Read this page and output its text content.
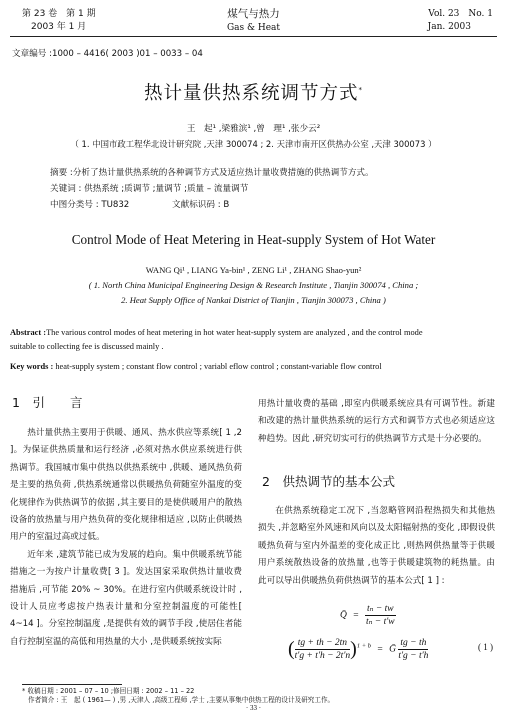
第 23 卷　第 1 期
2003 年 1 月
煤气与热力
Gas & Heat
Vol. 23　No. 1
Jan. 2003
文章编号 :1000 – 4416( 2003 )01 – 0033 – 04
热计量供热系统调节方式*
王　起¹ ,梁雅滨¹ ,曾　理¹ ,张少云²
（ 1. 中国市政工程华北设计研究院 ,天津 300074 ; 2. 天津市南开区供热办公室 ,天津 300073 ）
摘要 :分析了热计量供热系统的各种调节方式及适应热计量收费措施的供热调节方式。
关键词 : 供热系统 ;质调节 ;量调节 ;质量 – 流量调节
中图分类号 : TU832	文献标识码 : B
Control Mode of Heat Metering in Heat-supply System of Hot Water
WANG Qi¹ , LIANG Ya-bin¹ , ZENG Li¹ , ZHANG Shao-yun²
( 1. North China Municipal Engineering Design & Research Institute , Tianjin 300074 , China ;
2. Heat Supply Office of Nankai District of Tianjin , Tianjin 300073 , China )
Abstract :The various control modes of heat metering in hot water heat-supply system are analyzed , and the control mode
suitable to collecting fee is discussed mainly .
Key words : heat-supply system ; constant flow control ; variabl eflow control ; constant-variable flow control
1　引　　言

热计量供热主要用于供暖、通风、热水供应等系统[ 1 ,2 ]。为保证供热质量和运行经济 ,必须对热水供应系统进行供热调节。我国城市集中供热以供热系统中 ,供暖、通风热负荷是主要的热负荷 ,供热系统通常以供暖热负荷随室外温度的变化规律作为供热调节的依据 ,其主要目的是使供暖用户的散热设备的放热量与用户热负荷的变化规律相适应 ,以防止供暖热用户的室温过高或过低。

近年来 ,建筑节能已成为发展的趋向。集中供暖系统节能措施之一为按户计量收费[ 3 ]。发达国家采取供热计量收费措施后 ,可节能 20% ~ 30%。在进行室内供暖系统设计时 ,设计人员应考虑按户热表计量和分室控制温度的可能性[ 4~14 ]。分室控制温度 ,是提供有效的调节手段 ,使居住者能自行控制室温的高低和用热量的大小 ,是供暖系统按实际

用热计量收费的基础 ,即室内供暖系统应具有可调节性。新建和改建的热计量供热系统的运行方式和调节方式也必须适应这种趋势。因此 ,研究切实可行的供热调节方式是十分必要的。

2　供热调节的基本公式

在供热系统稳定工况下 ,当忽略管网沿程热损失和其他热损失 ,并忽略室外风速和风向以及太阳辐射热的变化 ,即假设供暖热负荷与室内外温差的变化成正比 ,则热网供热量等于供暖用户系统散热设备的放热量 ,也等于供暖建筑物的耗热量。由此可以导出供暖热负荷供热调节的基本公式[ 1 ] :

Q̄ = $\frac{\text{tₙ − tw}}{\text{tₙ − t′w}}$
( $\frac{tg + th - 2tn}{t'g + t'h - 2t'n} )^{1 + b}$ = Ḡ $\frac{tg - th}{t'g - t'h}$	( 1 )
* 收稿日期 : 2001 – 07 – 10 ;修回日期 : 2002 – 11 – 22
作者简介 : 王　起 ( 1961— ) ,男 ,天津人 ,高级工程师 ,学士 ,主要从事集中供热工程的设计及研究工作。
· 33 ·
